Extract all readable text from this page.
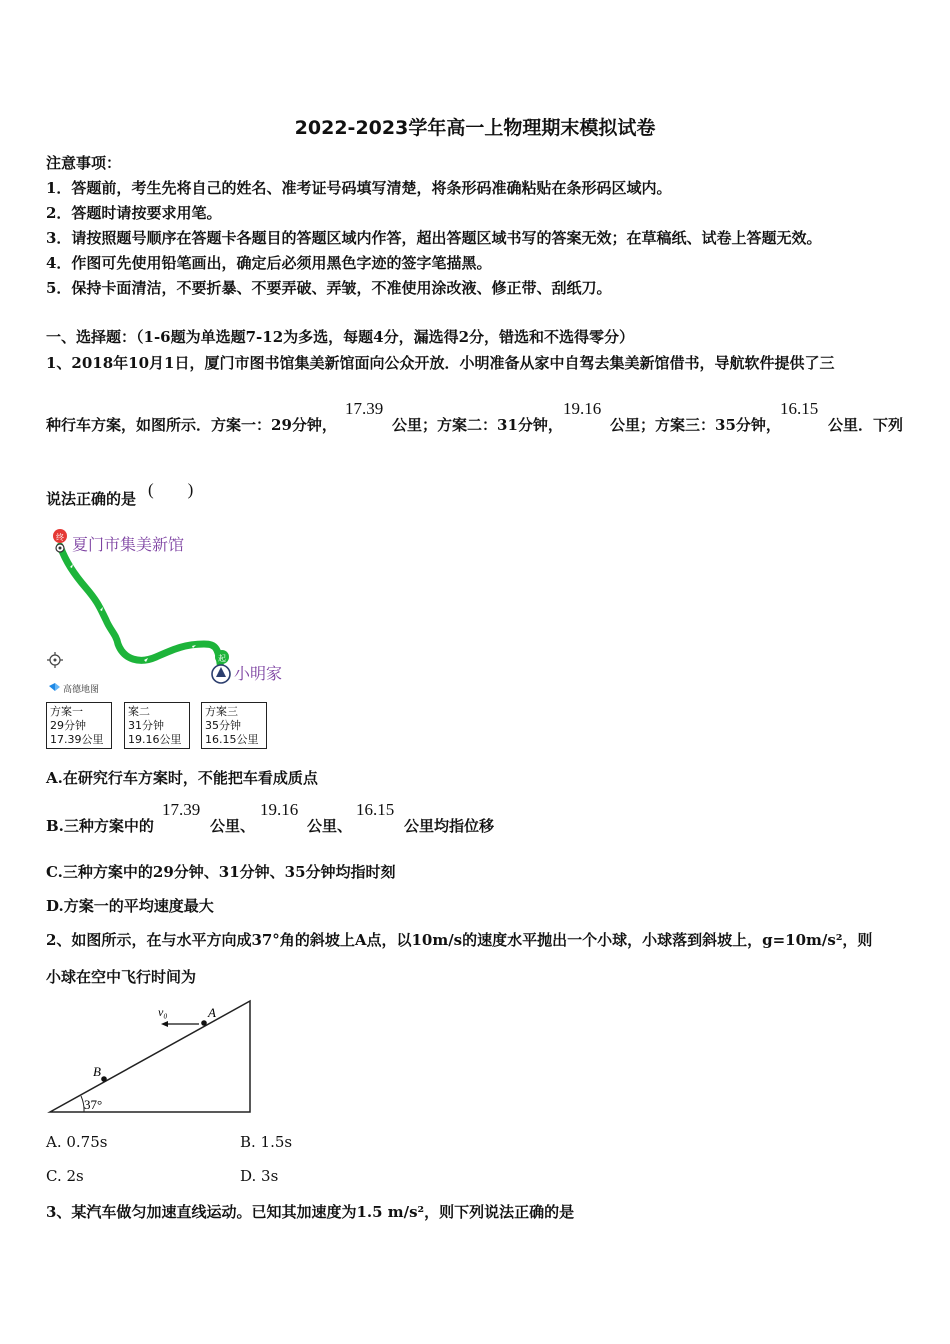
2022-2023学年高一上物理期末模拟试卷
注意事项：
1．答题前，考生先将自己的姓名、准考证号码填写清楚，将条形码准确粘贴在条形码区域内。
2．答题时请按要求用笔。
3．请按照题号顺序在答题卡各题目的答题区域内作答，超出答题区域书写的答案无效；在草稿纸、试卷上答题无效。
4．作图可先使用铅笔画出，确定后必须用黑色字迹的签字笔描黑。
5．保持卡面清洁，不要折暴、不要弄破、弄皱，不准使用涂改液、修正带、刮纸刀。
一、选择题：（1-6题为单选题7-12为多选，每题4分，漏选得2分，错选和不选得零分）
1、2018年10月1日，厦门市图书馆集美新馆面向公众开放．小明准备从家中自驾去集美新馆借书，导航软件提供了三
种行车方案，如图所示．方案一：29分钟，
17.39
公里；方案二：31分钟，
19.16
公里；方案三：35分钟，
16.15
公里．下列
说法正确的是 (　　)
终 夏门市集美新馆
起
小明家
高德地图
方案一
29分钟
17.39公里
案二
31分钟
19.16公里
方案三
35分钟
16.15公里
A.在研究行车方案时，不能把车看成质点
B.三种方案中的
17.39
公里、
19.16
公里、
16.15
公里均指位移
C.三种方案中的29分钟、31分钟、35分钟均指时刻
D.方案一的平均速度最大
2、如图所示，在与水平方向成37°角的斜坡上A点，以10m/s的速度水平抛出一个小球，小球落到斜坡上，g=10m/s²，则
小球在空中飞行时间为
37°
A
B
v₀
A. 0.75s	B. 1.5s
C. 2s	D. 3s
3、某汽车做匀加速直线运动。已知其加速度为1.5 m/s²，则下列说法正确的是
